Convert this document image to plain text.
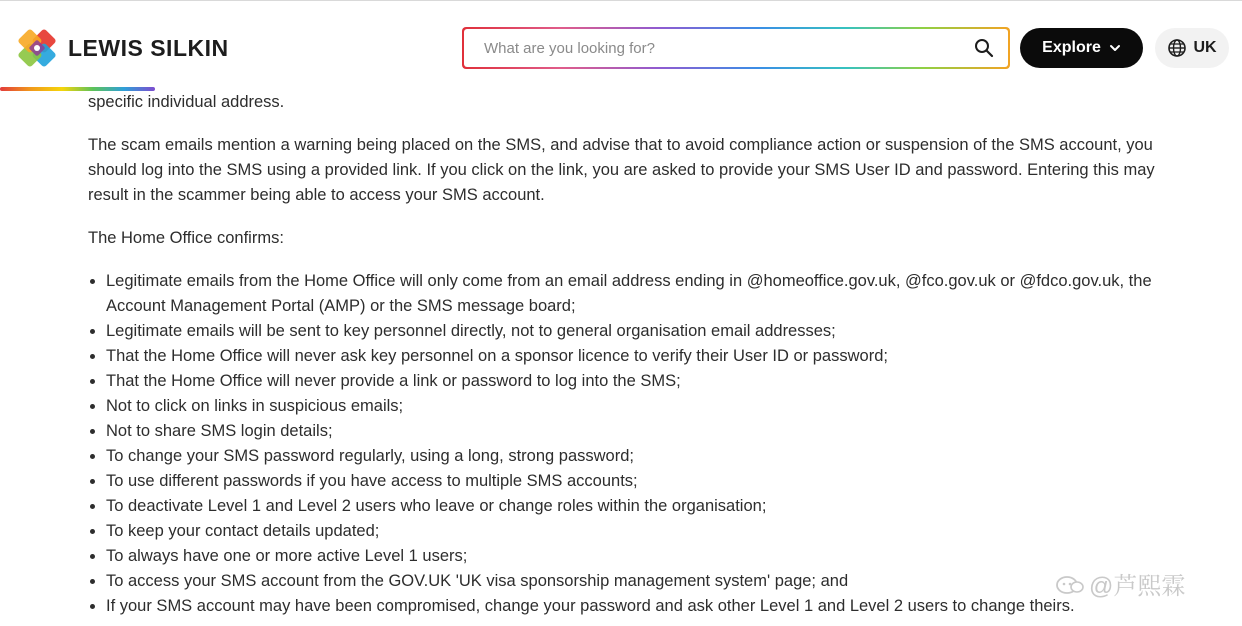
LEWIS SILKIN
What are you looking for?	Explore	UK

specific individual address.

The scam emails mention a warning being placed on the SMS, and advise that to avoid compliance action or suspension of the SMS account, you should log into the SMS using a provided link. If you click on the link, you are asked to provide your SMS User ID and password. Entering this may result in the scammer being able to access your SMS account.

The Home Office confirms:

• Legitimate emails from the Home Office will only come from an email address ending in @homeoffice.gov.uk, @fco.gov.uk or @fdco.gov.uk, the Account Management Portal (AMP) or the SMS message board;
• Legitimate emails will be sent to key personnel directly, not to general organisation email addresses;
• That the Home Office will never ask key personnel on a sponsor licence to verify their User ID or password;
• That the Home Office will never provide a link or password to log into the SMS;
• Not to click on links in suspicious emails;
• Not to share SMS login details;
• To change your SMS password regularly, using a long, strong password;
• To use different passwords if you have access to multiple SMS accounts;
• To deactivate Level 1 and Level 2 users who leave or change roles within the organisation;
• To keep your contact details updated;
• To always have one or more active Level 1 users;
• To access your SMS account from the GOV.UK 'UK visa sponsorship management system' page; and
• If your SMS account may have been compromised, change your password and ask other Level 1 and Level 2 users to change theirs.
@芦熙霖
